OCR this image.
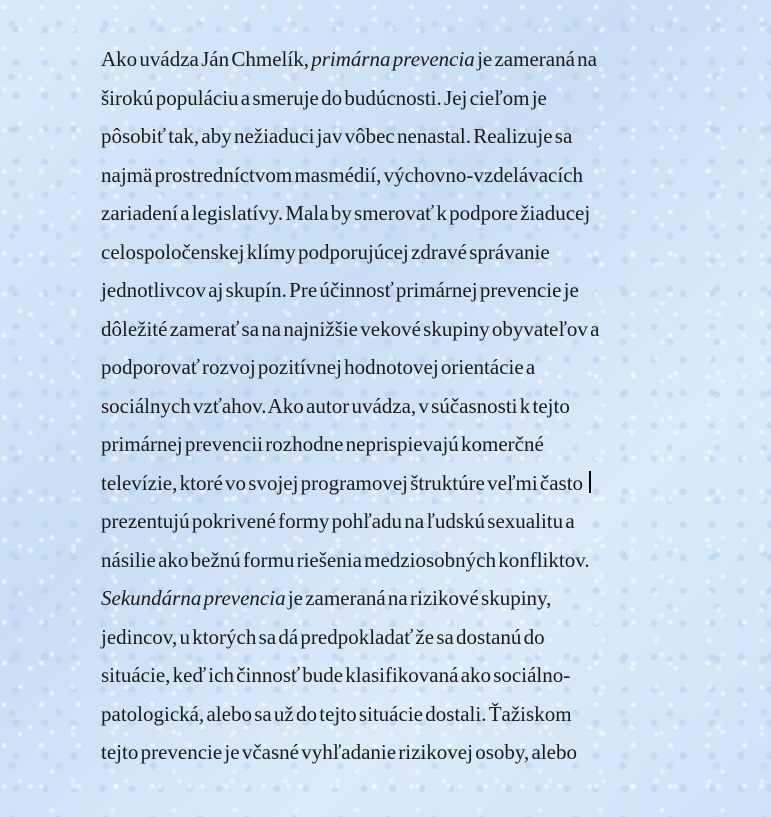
Ako uvádza Ján Chmelík, primárna prevencia je zameraná na
širokú populáciu a smeruje do budúcnosti. Jej cieľom je
pôsobiť tak, aby nežiaduci jav vôbec nenastal. Realizuje sa
najmä prostredníctvom masmédií, výchovno-vzdelávacích
zariadení a legislatívy. Mala by smerovať k podpore žiaducej
celospoločenskej klímy podporujúcej zdravé správanie
jednotlivcov aj skupín. Pre účinnosť primárnej prevencie je
dôležité zamerať sa na najnižšie vekové skupiny obyvateľov a
podporovať rozvoj pozitívnej hodnotovej orientácie a
sociálnych vzťahov. Ako autor uvádza, v súčasnosti k tejto
primárnej prevencii rozhodne neprispievajú komerčné
televízie, ktoré vo svojej programovej štruktúre veľmi často
prezentujú pokrivené formy pohľadu na ľudskú sexualitu a
násilie ako bežnú formu riešenia medziosobných konfliktov.
Sekundárna prevencia je zameraná na rizikové skupiny,
jedincov, u ktorých sa dá predpokladať že sa dostanú do
situácie, keď ich činnosť bude klasifikovaná ako sociálno-
patologická, alebo sa už do tejto situácie dostali. Ťažiskom
tejto prevencie je včasné vyhľadanie rizikovej osoby, alebo
